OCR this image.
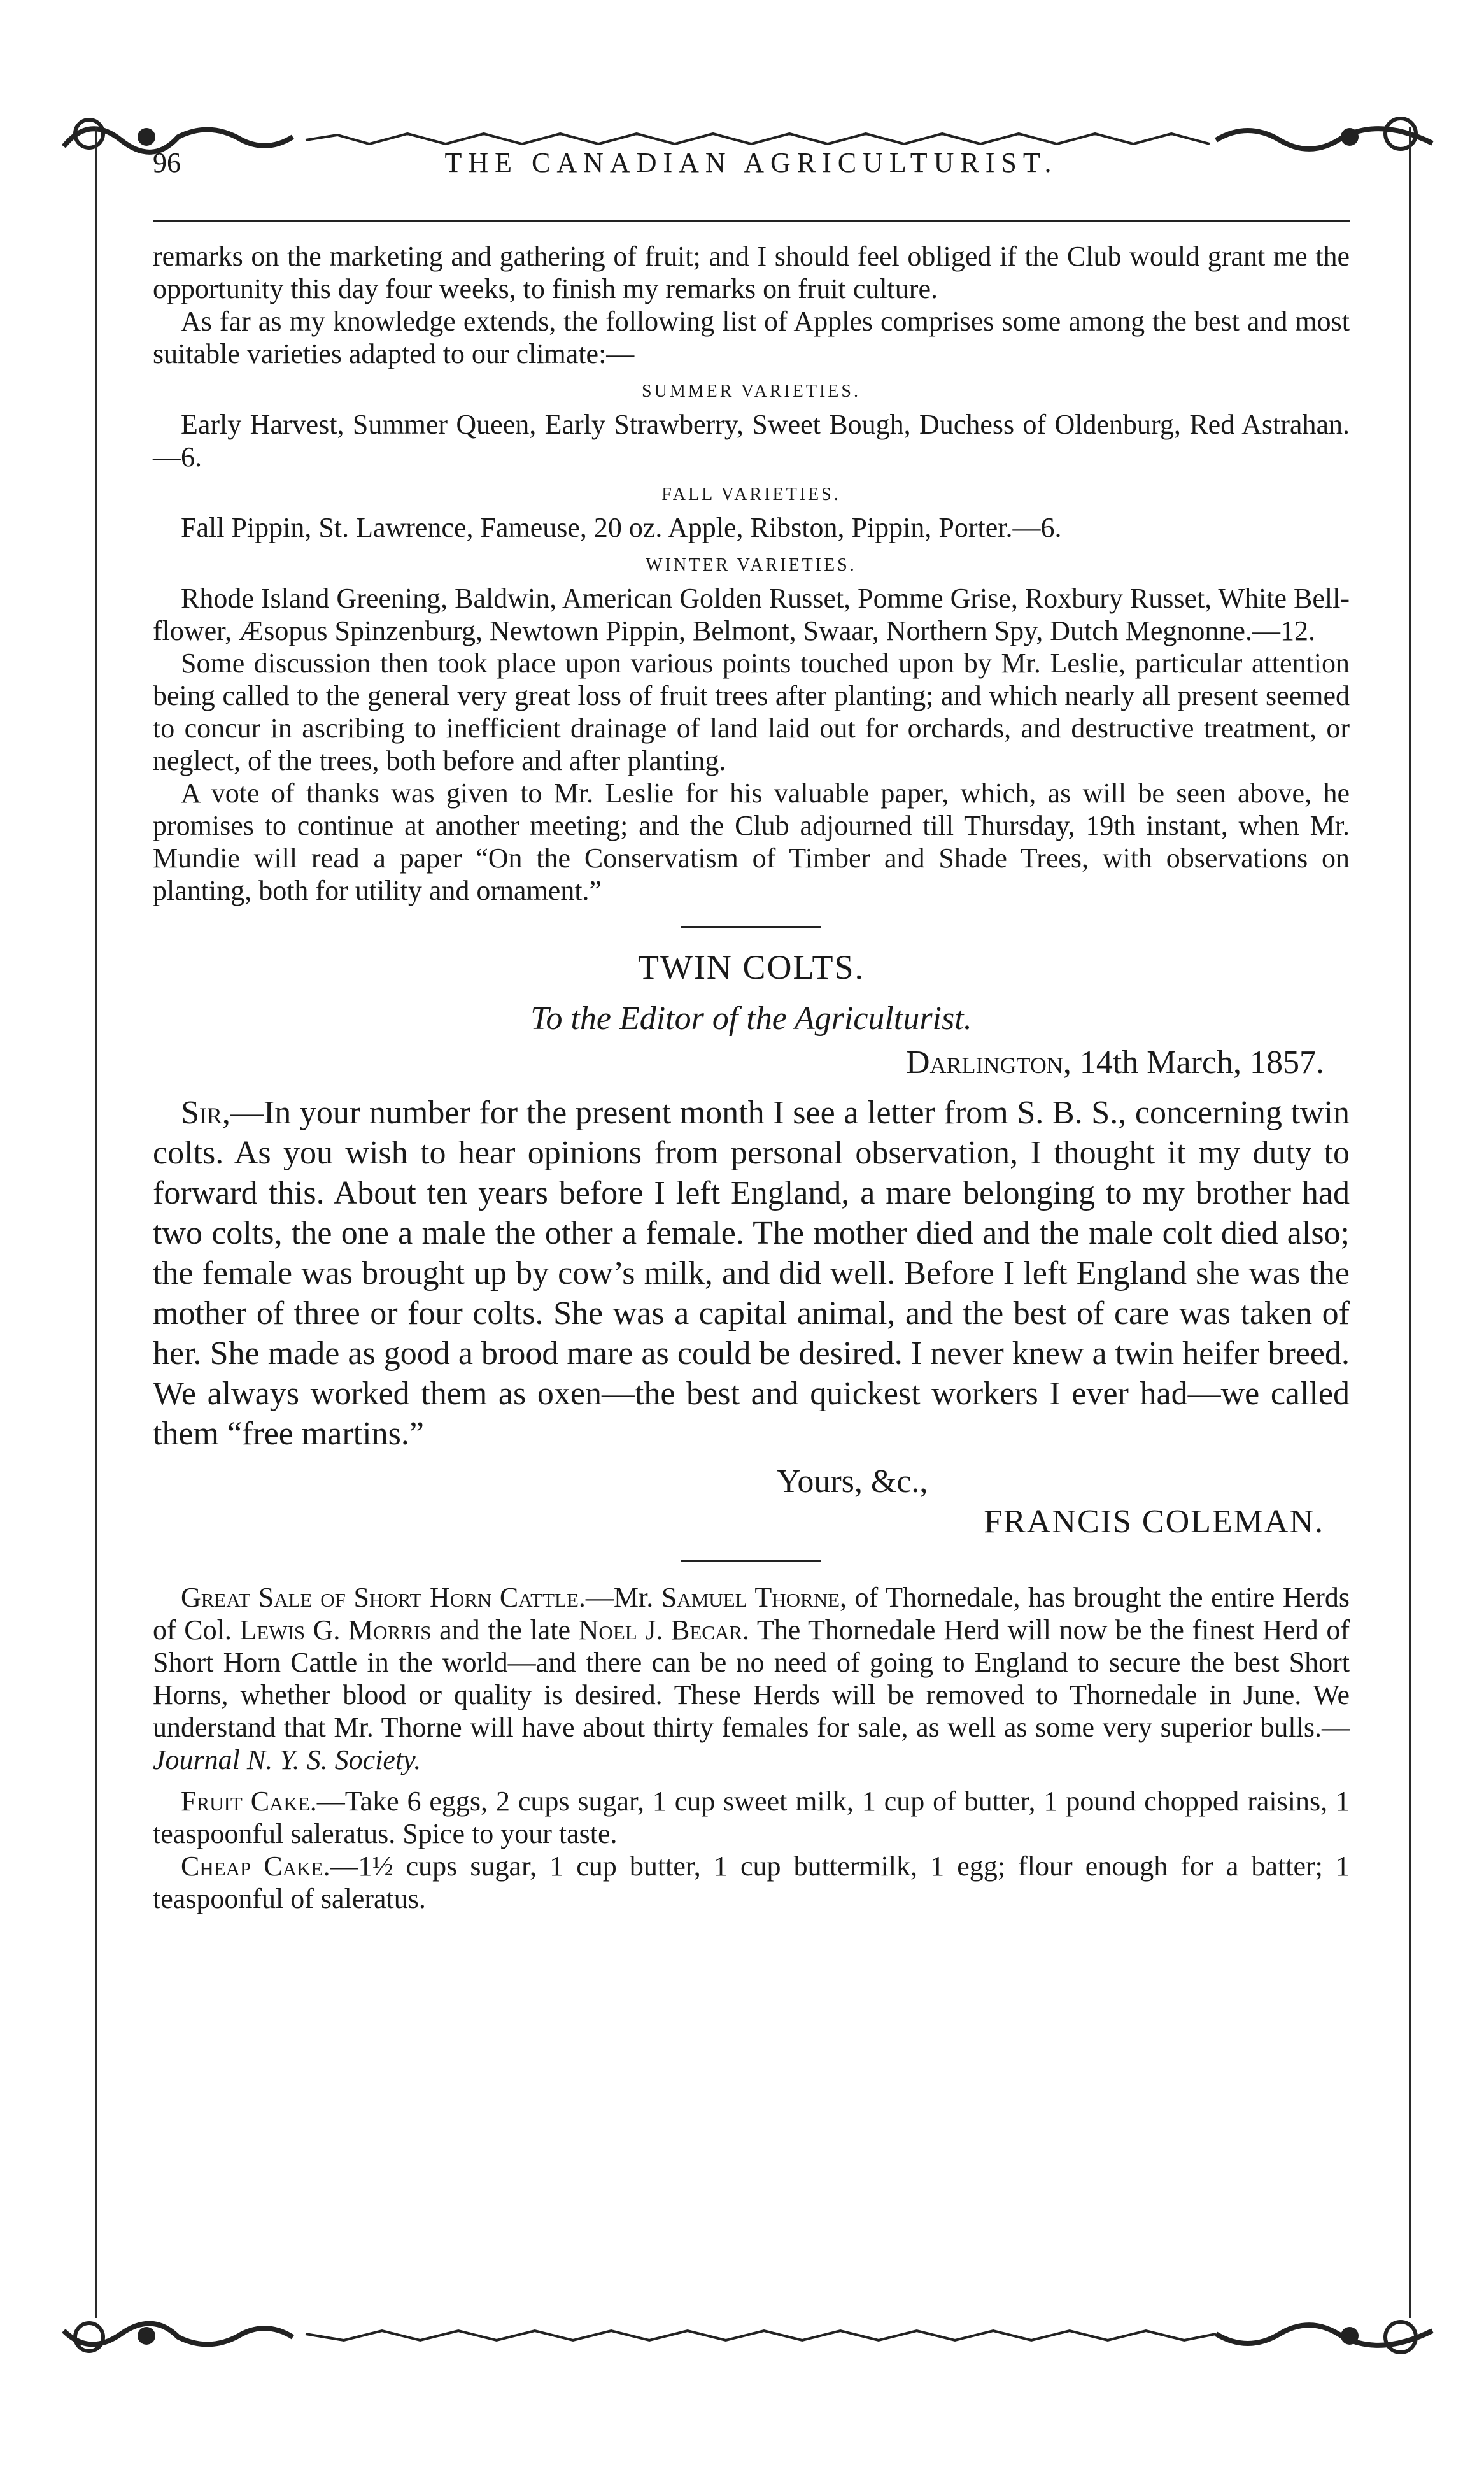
96	THE CANADIAN AGRICULTURIST.

remarks on the marketing and gathering of fruit; and I should feel obliged if the Club would grant me the opportunity this day four weeks, to finish my remarks on fruit culture.

As far as my knowledge extends, the following list of Apples comprises some among the best and most suitable varieties adapted to our climate:—

SUMMER VARIETIES.

Early Harvest, Summer Queen, Early Strawberry, Sweet Bough, Duchess of Oldenburg, Red Astrahan.—6.

FALL VARIETIES.

Fall Pippin, St. Lawrence, Fameuse, 20 oz. Apple, Ribston, Pippin, Porter.—6.

WINTER VARIETIES.

Rhode Island Greening, Baldwin, American Golden Russet, Pomme Grise, Roxbury Russet, White Bell-flower, Æsopus Spinzenburg, Newtown Pippin, Belmont, Swaar, Northern Spy, Dutch Megnonne.—12.

Some discussion then took place upon various points touched upon by Mr. Leslie, particular attention being called to the general very great loss of fruit trees after planting; and which nearly all present seemed to concur in ascribing to inefficient drainage of land laid out for orchards, and destructive treatment, or neglect, of the trees, both before and after planting.

A vote of thanks was given to Mr. Leslie for his valuable paper, which, as will be seen above, he promises to continue at another meeting; and the Club adjourned till Thursday, 19th instant, when Mr. Mundie will read a paper “On the Conservatism of Timber and Shade Trees, with observations on planting, both for utility and ornament.”

TWIN COLTS.
To the Editor of the Agriculturist.
Darlington, 14th March, 1857.

Sir,—In your number for the present month I see a letter from S. B. S., concerning twin colts. As you wish to hear opinions from personal observation, I thought it my duty to forward this. About ten years before I left England, a mare belonging to my brother had two colts, the one a male the other a female. The mother died and the male colt died also; the female was brought up by cow’s milk, and did well. Before I left England she was the mother of three or four colts. She was a capital animal, and the best of care was taken of her. She made as good a brood mare as could be desired. I never knew a twin heifer breed. We always worked them as oxen—the best and quickest workers I ever had—we called them “free martins.”

Yours, &c.,
FRANCIS COLEMAN.

Great Sale of Short Horn Cattle.—Mr. Samuel Thorne, of Thornedale, has brought the entire Herds of Col. Lewis G. Morris and the late Noel J. Becar. The Thornedale Herd will now be the finest Herd of Short Horn Cattle in the world—and there can be no need of going to England to secure the best Short Horns, whether blood or quality is desired. These Herds will be removed to Thornedale in June. We understand that Mr. Thorne will have about thirty females for sale, as well as some very superior bulls.—Journal N. Y. S. Society.

Fruit Cake.—Take 6 eggs, 2 cups sugar, 1 cup sweet milk, 1 cup of butter, 1 pound chopped raisins, 1 teaspoonful saleratus. Spice to your taste.

Cheap Cake.—1½ cups sugar, 1 cup butter, 1 cup buttermilk, 1 egg; flour enough for a batter; 1 teaspoonful of saleratus.
